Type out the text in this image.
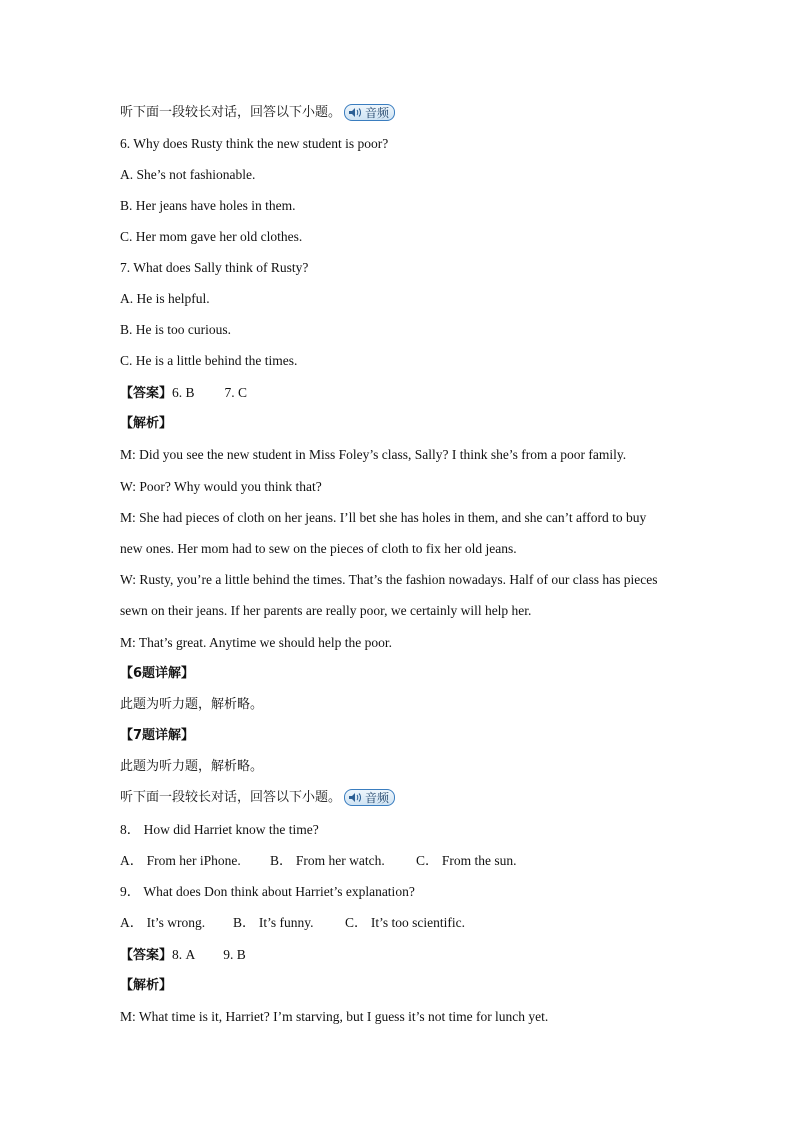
听下面一段较长对话，回答以下小题。 音频
6. Why does Rusty think the new student is poor?
A. She’s not fashionable.
B. Her jeans have holes in them.
C. Her mom gave her old clothes.
7. What does Sally think of Rusty?
A. He is helpful.
B. He is too curious.
C. He is a little behind the times.
【答案】6. B 7. C
【解析】
M: Did you see the new student in Miss Foley’s class, Sally? I think she’s from a poor family.
W: Poor? Why would you think that?
M: She had pieces of cloth on her jeans. I’ll bet she has holes in them, and she can’t afford to buy
new ones. Her mom had to sew on the pieces of cloth to fix her old jeans.
W: Rusty, you’re a little behind the times. That’s the fashion nowadays. Half of our class has pieces
sewn on their jeans. If her parents are really poor, we certainly will help her.
M: That’s great. Anytime we should help the poor.
【6题详解】
此题为听力题，解析略。
【7题详解】
此题为听力题，解析略。
听下面一段较长对话，回答以下小题。 音频
8． How did Harriet know the time?
A． From her iPhone. B． From her watch. C． From the sun.
9． What does Don think about Harriet’s explanation?
A． It’s wrong. B． It’s funny. C． It’s too scientific.
【答案】8. A 9. B
【解析】
M: What time is it, Harriet? I’m starving, but I guess it’s not time for lunch yet.
